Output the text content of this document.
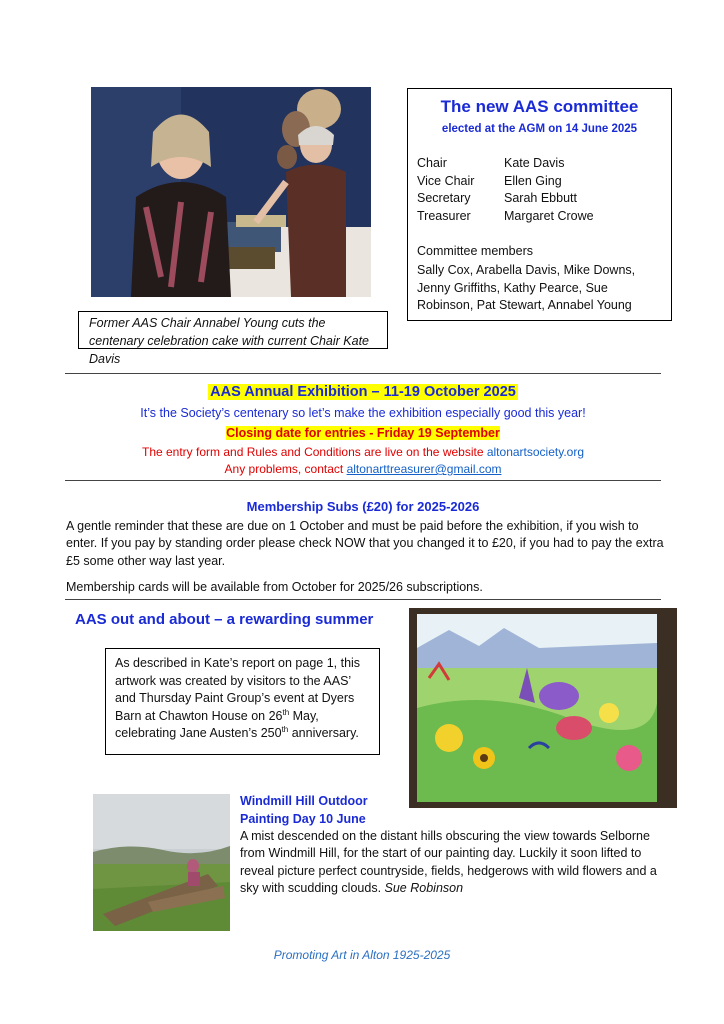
Former AAS Chair Annabel Young cuts the centenary celebration cake with current Chair Kate Davis
The new AAS committee
elected at the AGM on 14 June 2025
Chair	Kate Davis
Vice Chair	Ellen Ging
Secretary	Sarah Ebbutt
Treasurer	Margaret Crowe
Committee members
Sally Cox, Arabella Davis, Mike Downs, Jenny Griffiths, Kathy Pearce, Sue Robinson, Pat Stewart, Annabel Young
AAS Annual Exhibition – 11-19 October 2025
It’s the Society’s centenary so let’s make the exhibition especially good this year!
Closing date for entries - Friday 19 September
The entry form and Rules and Conditions are live on the website altonartsociety.org
Any problems, contact altonarttreasurer@gmail.com
Membership Subs (£20) for 2025-2026
A gentle reminder that these are due on 1 October and must be paid before the exhibition, if you wish to enter. If you pay by standing order please check NOW that you changed it to £20, if you had to pay the extra £5 some other way last year.
Membership cards will be available from October for 2025/26 subscriptions.
AAS out and about – a rewarding summer
As described in Kate’s report on page 1, this artwork was created by visitors to the AAS’ and Thursday Paint Group’s event at Dyers Barn at Chawton House on 26th May, celebrating Jane Austen’s 250th anniversary.
Windmill Hill Outdoor
Painting Day 10 June
A mist descended on the distant hills obscuring the view towards Selborne from Windmill Hill, for the start of our painting day. Luckily it soon lifted to reveal picture perfect countryside, fields, hedgerows with wild flowers and a sky with scudding clouds. Sue Robinson
Promoting Art in Alton 1925-2025
